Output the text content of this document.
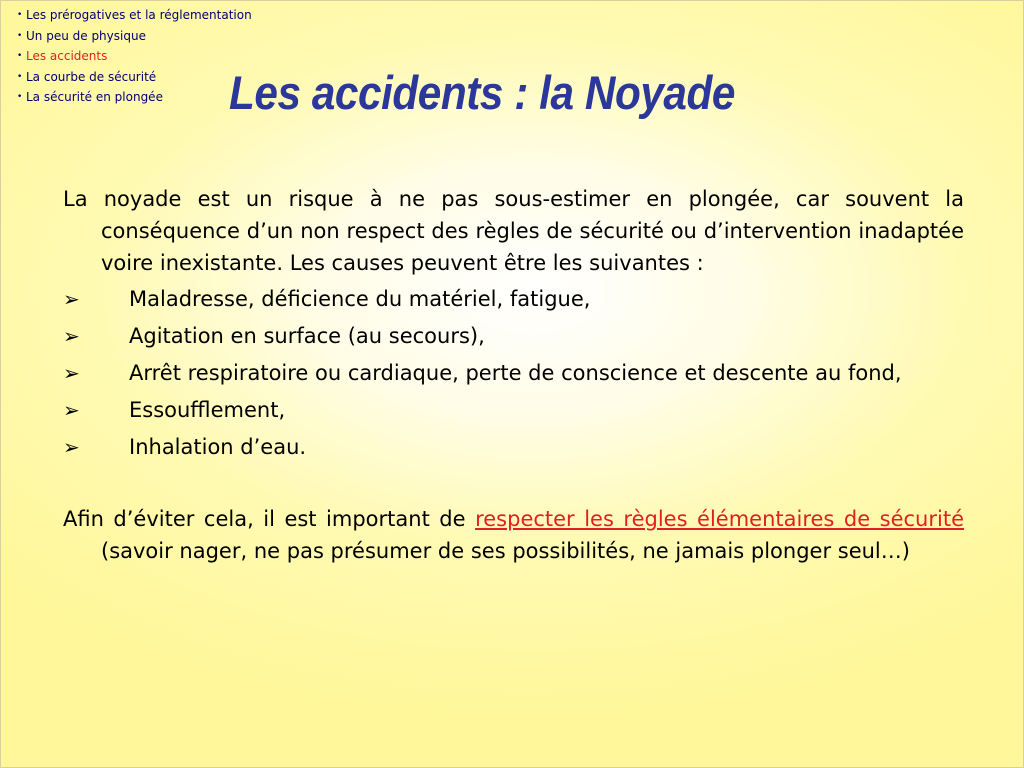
• Les prérogatives et la réglementation
• Un peu de physique
• Les accidents
• La courbe de sécurité
• La sécurité en plongée Les accidents : la Noyade

La noyade est un risque à ne pas sous-estimer en plongée, car souvent la conséquence d’un non respect des règles de sécurité ou d’intervention inadaptée voire inexistante. Les causes peuvent être les suivantes :

➢ Maladresse, déficience du matériel, fatigue,
➢ Agitation en surface (au secours),
➢ Arrêt respiratoire ou cardiaque, perte de conscience et descente au fond,
➢ Essoufflement,
➢ Inhalation d’eau.

Afin d’éviter cela, il est important de respecter les règles élémentaires de sécurité (savoir nager, ne pas présumer de ses possibilités, ne jamais plonger seul…)
